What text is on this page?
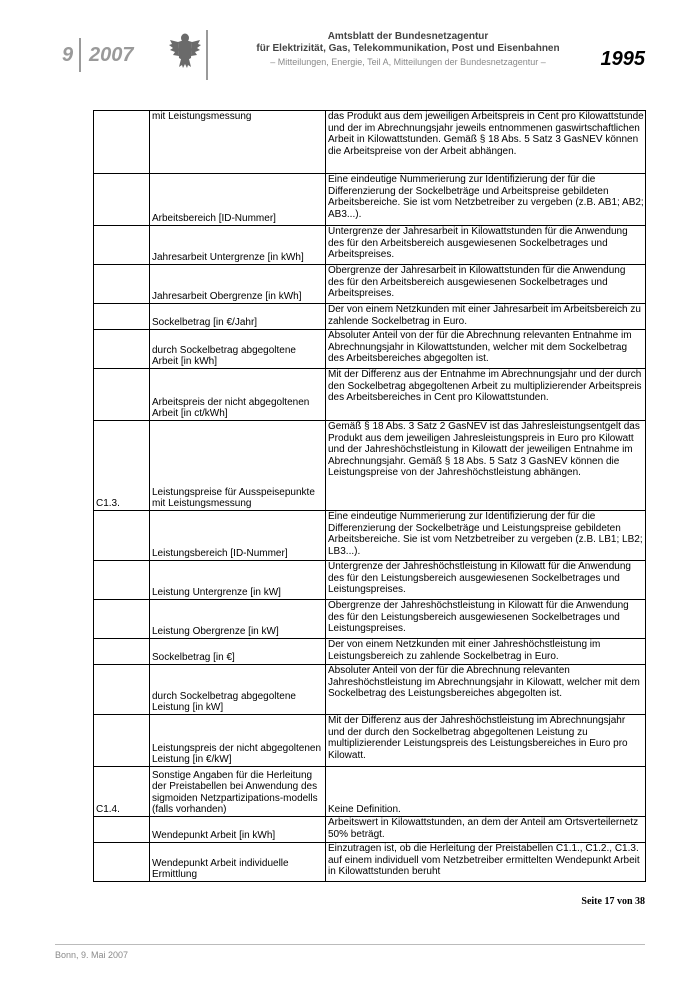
9 2007
Amtsblatt der Bundesnetzagentur
für Elektrizität, Gas, Telekommunikation, Post und Eisenbahnen
– Mitteilungen, Energie, Teil A, Mitteilungen der Bundesnetzagentur –	1995
	mit Leistungsmessung	das Produkt aus dem jeweiligen Arbeitspreis in Cent pro Kilowattstunde und der im Abrechnungsjahr jeweils entnommenen gaswirtschaftlichen Arbeit in Kilowattstunden. Gemäß § 18 Abs. 5 Satz 3 GasNEV können die Arbeitspreise von der Arbeit abhängen.
	Arbeitsbereich [ID-Nummer]	Eine eindeutige Nummerierung zur Identifizierung der für die Differenzierung der Sockelbeträge und Arbeitspreise gebildeten Arbeitsbereiche. Sie ist vom Netzbetreiber zu vergeben (z.B. AB1; AB2; AB3...).
	Jahresarbeit Untergrenze [in kWh]	Untergrenze der Jahresarbeit in Kilowattstunden für die Anwendung des für den Arbeitsbereich ausgewiesenen Sockelbetrages und Arbeitspreises.
	Jahresarbeit Obergrenze [in kWh]	Obergrenze der Jahresarbeit in Kilowattstunden für die Anwendung des für den Arbeitsbereich ausgewiesenen Sockelbetrages und Arbeitspreises.
	Sockelbetrag [in €/Jahr]	Der von einem Netzkunden mit einer Jahresarbeit im Arbeitsbereich zu zahlende Sockelbetrag in Euro.
	durch Sockelbetrag abgegoltene Arbeit [in kWh]	Absoluter Anteil von der für die Abrechnung relevanten Entnahme im Abrechnungsjahr in Kilowattstunden, welcher mit dem Sockelbetrag des Arbeitsbereiches abgegolten ist.
	Arbeitspreis der nicht abgegoltenen Arbeit [in ct/kWh]	Mit der Differenz aus der Entnahme im Abrechnungsjahr und der durch den Sockelbetrag abgegoltenen Arbeit zu multiplizierender Arbeitspreis des Arbeitsbereiches in Cent pro Kilowattstunden.
C1.3.	Leistungspreise für Ausspeisepunkte mit Leistungsmessung	Gemäß § 18 Abs. 3 Satz 2 GasNEV ist das Jahresleistungsentgelt das Produkt aus dem jeweiligen Jahresleistungspreis in Euro pro Kilowatt und der Jahreshöchstleistung in Kilowatt der jeweiligen Entnahme im Abrechnungsjahr. Gemäß § 18 Abs. 5 Satz 3 GasNEV können die Leistungspreise von der Jahreshöchstleistung abhängen.
	Leistungsbereich [ID-Nummer]	Eine eindeutige Nummerierung zur Identifizierung der für die Differenzierung der Sockelbeträge und Leistungspreise gebildeten Arbeitsbereiche. Sie ist vom Netzbetreiber zu vergeben (z.B. LB1; LB2; LB3...).
	Leistung Untergrenze [in kW]	Untergrenze der Jahreshöchstleistung in Kilowatt für die Anwendung des für den Leistungsbereich ausgewiesenen Sockelbetrages und Leistungspreises.
	Leistung Obergrenze [in kW]	Obergrenze der Jahreshöchstleistung in Kilowatt für die Anwendung des für den Leistungsbereich ausgewiesenen Sockelbetrages und Leistungspreises.
	Sockelbetrag [in €]	Der von einem Netzkunden mit einer Jahreshöchstleistung im Leistungsbereich zu zahlende Sockelbetrag in Euro.
	durch Sockelbetrag abgegoltene Leistung [in kW]	Absoluter Anteil von der für die Abrechnung relevanten Jahreshöchstleistung im Abrechnungsjahr in Kilowatt, welcher mit dem Sockelbetrag des Leistungsbereiches abgegolten ist.
	Leistungspreis der nicht abgegoltenen Leistung [in €/kW]	Mit der Differenz aus der Jahreshöchstleistung im Abrechnungsjahr und der durch den Sockelbetrag abgegoltenen Leistung zu multiplizierender Leistungspreis des Leistungsbereiches in Euro pro Kilowatt.
C1.4.	Sonstige Angaben für die Herleitung der Preistabellen bei Anwendung des sigmoiden Netzpartizipations-modells (falls vorhanden)	Keine Definition.
	Wendepunkt Arbeit [in kWh]	Arbeitswert in Kilowattstunden, an dem der Anteil am Ortsverteilernetz 50% beträgt.
	Wendepunkt Arbeit individuelle Ermittlung	Einzutragen ist, ob die Herleitung der Preistabellen C1.1., C1.2., C1.3. auf einem individuell vom Netzbetreiber ermittelten Wendepunkt Arbeit in Kilowattstunden beruht
Seite 17 von 38
Bonn, 9. Mai 2007
